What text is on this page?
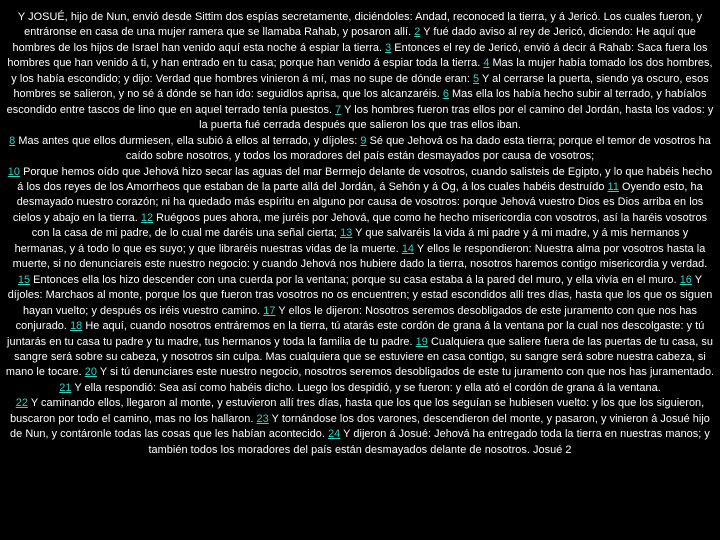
Y JOSUÉ, hijo de Nun, envió desde Sittim dos espías secretamente, diciéndoles: Andad, reconoced la tierra, y á Jericó. Los cuales fueron, y entráronse en casa de una mujer ramera que se llamaba Rahab, y posaron allí. 2 Y fué dado aviso al rey de Jericó, diciendo: He aquí que hombres de los hijos de Israel han venido aquí esta noche á espiar la tierra. 3 Entonces el rey de Jericó, envió á decir á Rahab: Saca fuera los hombres que han venido á ti, y han entrado en tu casa; porque han venido á espiar toda la tierra. 4 Mas la mujer había tomado los dos hombres, y los había escondido; y dijo: Verdad que hombres vinieron á mí, mas no supe de dónde eran: 5 Y al cerrarse la puerta, siendo ya oscuro, esos hombres se salieron, y no sé á dónde se han ido: seguidlos aprisa, que los alcanzaréis. 6 Mas ella los había hecho subir al terrado, y habíalos escondido entre tascos de lino que en aquel terrado tenía puestos. 7 Y los hombres fueron tras ellos por el camino del Jordán, hasta los vados: y la puerta fué cerrada después que salieron los que tras ellos iban.
8 Mas antes que ellos durmiesen, ella subió á ellos al terrado, y díjoles: 9 Sé que Jehová os ha dado esta tierra; porque el temor de vosotros ha caído sobre nosotros, y todos los moradores del país están desmayados por causa de vosotros;
10 Porque hemos oído que Jehová hizo secar las aguas del mar Bermejo delante de vosotros, cuando salisteis de Egipto, y lo que habéis hecho á los dos reyes de los Amorrheos que estaban de la parte allá del Jordán, á Sehón y á Og, á los cuales habéis destruído 11 Oyendo esto, ha desmayado nuestro corazón; ni ha quedado más espíritu en alguno por causa de vosotros: porque Jehová vuestro Dios es Dios arriba en los cielos y abajo en la tierra. 12 Ruégoos pues ahora, me juréis por Jehová, que como he hecho misericordia con vosotros, así la haréis vosotros con la casa de mi padre, de lo cual me daréis una señal cierta; 13 Y que salvaréis la vida á mi padre y á mi madre, y á mis hermanos y hermanas, y á todo lo que es suyo; y que libraréis nuestras vidas de la muerte. 14 Y ellos le respondieron: Nuestra alma por vosotros hasta la muerte, si no denunciareis este nuestro negocio: y cuando Jehová nos hubiere dado la tierra, nosotros haremos contigo misericordia y verdad.
15 Entonces ella los hizo descender con una cuerda por la ventana; porque su casa estaba á la pared del muro, y ella vivía en el muro. 16 Y díjoles: Marchaos al monte, porque los que fueron tras vosotros no os encuentren; y estad escondidos allí tres días, hasta que los que os siguen hayan vuelto; y después os iréis vuestro camino. 17 Y ellos le dijeron: Nosotros seremos desobligados de este juramento con que nos has conjurado. 18 He aquí, cuando nosotros entráremos en la tierra, tú atarás este cordón de grana á la ventana por la cual nos descolgaste: y tú juntarás en tu casa tu padre y tu madre, tus hermanos y toda la familia de tu padre. 19 Cualquiera que saliere fuera de las puertas de tu casa, su sangre será sobre su cabeza, y nosotros sin culpa. Mas cualquiera que se estuviere en casa contigo, su sangre será sobre nuestra cabeza, si mano le tocare. 20 Y si tú denunciares este nuestro negocio, nosotros seremos desobligados de este tu juramento con que nos has juramentado. 21 Y ella respondió: Sea así como habéis dicho. Luego los despidió, y se fueron: y ella ató el cordón de grana á la ventana.
22 Y caminando ellos, llegaron al monte, y estuvieron allí tres días, hasta que los que los seguían se hubiesen vuelto: y los que los siguieron, buscaron por todo el camino, mas no los hallaron. 23 Y tornándose los dos varones, descendieron del monte, y pasaron, y vinieron á Josué hijo de Nun, y contáronle todas las cosas que les habían acontecido. 24 Y dijeron á Josué: Jehová ha entregado toda la tierra en nuestras manos; y también todos los moradores del país están desmayados delante de nosotros. Josué 2
